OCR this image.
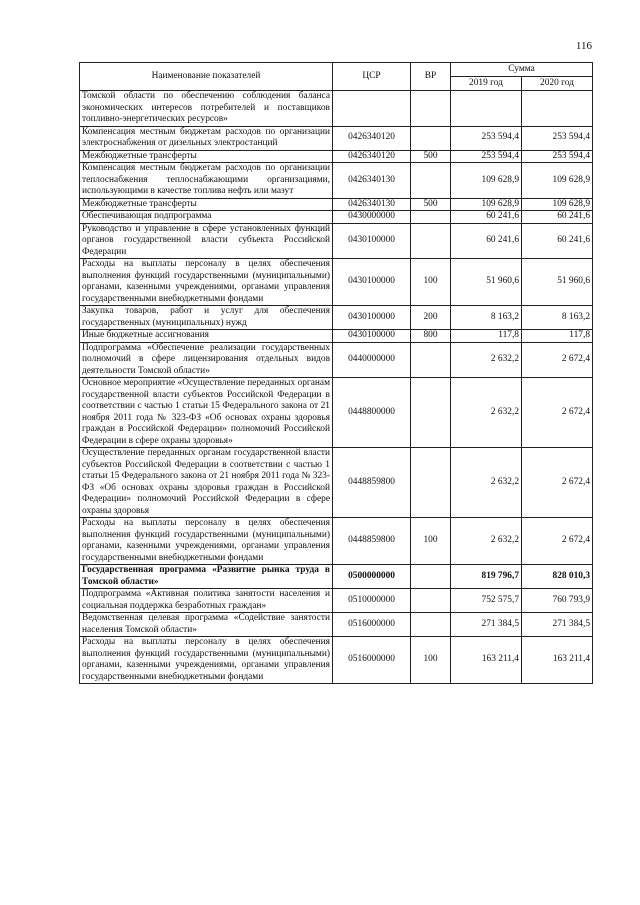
116
Наименование показателей	ЦСР	ВР	Сумма	
			2019 год	2020 год
Томской области по обеспечению соблюдения баланса экономических интересов потребителей и поставщиков топливно-энергетических ресурсов»				
Компенсация местным бюджетам расходов по организации электроснабжения от дизельных электростанций	0426340120		253 594,4	253 594,4
Межбюджетные трансферты	0426340120	500	253 594,4	253 594,4
Компенсация местным бюджетам расходов по организации теплоснабжения теплоснабжающими организациями, использующими в качестве топлива нефть или мазут	0426340130		109 628,9	109 628,9
Межбюджетные трансферты	0426340130	500	109 628,9	109 628,9
Обеспечивающая подпрограмма	0430000000		60 241,6	60 241,6
Руководство и управление в сфере установленных функций органов государственной власти субъекта Российской Федерации	0430100000		60 241,6	60 241,6
Расходы на выплаты персоналу в целях обеспечения выполнения функций государственными (муниципальными) органами, казенными учреждениями, органами управления государственными внебюджетными фондами	0430100000	100	51 960,6	51 960,6
Закупка товаров, работ и услуг для обеспечения государственных (муниципальных) нужд	0430100000	200	8 163,2	8 163,2
Иные бюджетные ассигнования	0430100000	800	117,8	117,8
Подпрограмма «Обеспечение реализации государственных полномочий в сфере лицензирования отдельных видов деятельности Томской области»	0440000000		2 632,2	2 672,4
Основное мероприятие «Осуществление переданных органам государственной власти субъектов Российской Федерации в соответствии с частью 1 статьи 15 Федерального закона от 21 ноября 2011 года № 323-ФЗ «Об основах охраны здоровья граждан в Российской Федерации» полномочий Российской Федерации в сфере охраны здоровья»	0448800000		2 632,2	2 672,4
Осуществление переданных органам государственной власти субъектов Российской Федерации в соответствии с частью 1 статьи 15 Федерального закона от 21 ноября 2011 года № 323-ФЗ «Об основах охраны здоровья граждан в Российской Федерации» полномочий Российской Федерации в сфере охраны здоровья	0448859800		2 632,2	2 672,4
Расходы на выплаты персоналу в целях обеспечения выполнения функций государственными (муниципальными) органами, казенными учреждениями, органами управления государственными внебюджетными фондами	0448859800	100	2 632,2	2 672,4
Государственная программа «Развитие рынка труда в Томской области»	0500000000		819 796,7	828 010,3
Подпрограмма «Активная политика занятости населения и социальная поддержка безработных граждан»	0510000000		752 575,7	760 793,9
Ведомственная целевая программа «Содействие занятости населения Томской области»	0516000000		271 384,5	271 384,5
Расходы на выплаты персоналу в целях обеспечения выполнения функций государственными (муниципальными) органами, казенными учреждениями, органами управления государственными внебюджетными фондами	0516000000	100	163 211,4	163 211,4
